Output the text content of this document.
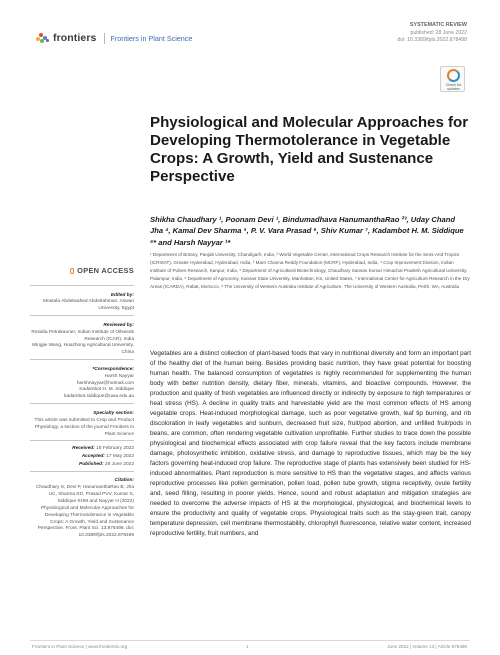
frontiers Frontiers in Plant Science
SYSTEMATIC REVIEW
published: 28 June 2022
doi: 10.3389/fpls.2022.878498
Check for updates
Physiological and Molecular Approaches for Developing Thermotolerance in Vegetable Crops: A Growth, Yield and Sustenance Perspective
Shikha Chaudhary ¹, Poonam Devi ¹, Bindumadhava HanumanthaRao ²³, Uday Chand Jha ⁴, Kamal Dev Sharma ⁵, P. V. Vara Prasad ⁶, Shiv Kumar ⁷, Kadambot H. M. Siddique ⁸* and Harsh Nayyar ¹*
¹ Department of Botany, Panjab University, Chandigarh, India, ² World Vegetable Center, International Crops Research Institute for the Semi-Arid Tropics (ICRISAT), Greater Hyderabad, Hyderabad, India, ³ Marri Channa Reddy Foundation (MCRF), Hyderabad, India, ⁴ Crop Improvement Division, Indian Institute of Pulses Research, Kanpur, India, ⁵ Department of Agricultural Biotechnology, Chaudhary Sarwan Kumar Himachal Pradesh Agricultural University, Palampur, India, ⁶ Department of Agronomy, Kansas State University, Manhattan, KS, United States, ⁷ International Center for Agriculture Research in the Dry Areas (ICARDA), Rabat, Morocco, ⁸ The University of Western Australia Institute of Agriculture, The University of Western Australia, Perth, WA, Australia
OPEN ACCESS
Edited by:
Mostafa Abdelwahed Abdelrahman, Aswan University, Egypt
Reviewed by:
Rosalía Petrakauner, Indian Institute of Oilseeds Research (ICAR), India
Mingjie Wang, Huazhong Agricultural University, China
*Correspondence:
Harsh Nayyar
harshnayyar@hotmail.com
Kadambot H. M. Siddique
kadambot.siddique@uwa.edu.au
Specialty section:
This article was submitted to Crop and Product Physiology, a section of the journal Frontiers in Plant Science
Received: 18 February 2022
Accepted: 17 May 2022
Published: 28 June 2022
Citation:
Chaudhary S, Devi P, HanumanthaRao B, Jha UC, Sharma KD, Prasad PVV, Kumar S, Siddique KHM and Nayyar H (2022) Physiological and Molecular Approaches for Developing Thermotolerance in Vegetable Crops: A Growth, Yield and Sustenance Perspective. Front. Plant Sci. 13:878498. doi: 10.3389/fpls.2022.878498

Vegetables are a distinct collection of plant-based foods that vary in nutritional diversity and form an important part of the healthy diet of the human being. Besides providing basic nutrition, they have great potential for boosting human health. The balanced consumption of vegetables is highly recommended for supplementing the human body with better nutrition density, dietary fiber, minerals, vitamins, and bioactive compounds. However, the production and quality of fresh vegetables are influenced directly or indirectly by exposure to high temperatures or heat stress (HS). A decline in quality traits and harvestable yield are the most common effects of HS among vegetable crops. Heat-induced morphological damage, such as poor vegetative growth, leaf tip burning, and rib discoloration in leafy vegetables and sunburn, decreased fruit size, fruit/pod abortion, and unfilled fruit/pods in beans, are common, often rendering vegetable cultivation unprofitable. Further studies to trace down the possible physiological and biochemical effects associated with crop failure reveal that the key factors include membrane damage, photosynthetic inhibition, oxidative stress, and damage to reproductive tissues, which may be the key factors governing heat-induced crop failure. The reproductive stage of plants has extensively been studied for HS-induced abnormalities. Plant reproduction is more sensitive to HS than the vegetative stages, and affects various reproductive processes like pollen germination, pollen load, pollen tube growth, stigma receptivity, ovule fertility and, seed filling, resulting in poorer yields. Hence, sound and robust adaptation and mitigation strategies are needed to overcome the adverse impacts of HS at the morphological, physiological, and biochemical levels to ensure the productivity and quality of vegetable crops. Physiological traits such as the stay-green trait, canopy temperature depression, cell membrane thermostability, chlorophyll fluorescence, relative water content, increased reproductive fertility, fruit numbers, and

Frontiers in Plant Science | www.frontiersin.org	1	June 2022 | Volume 13 | Article 878498
